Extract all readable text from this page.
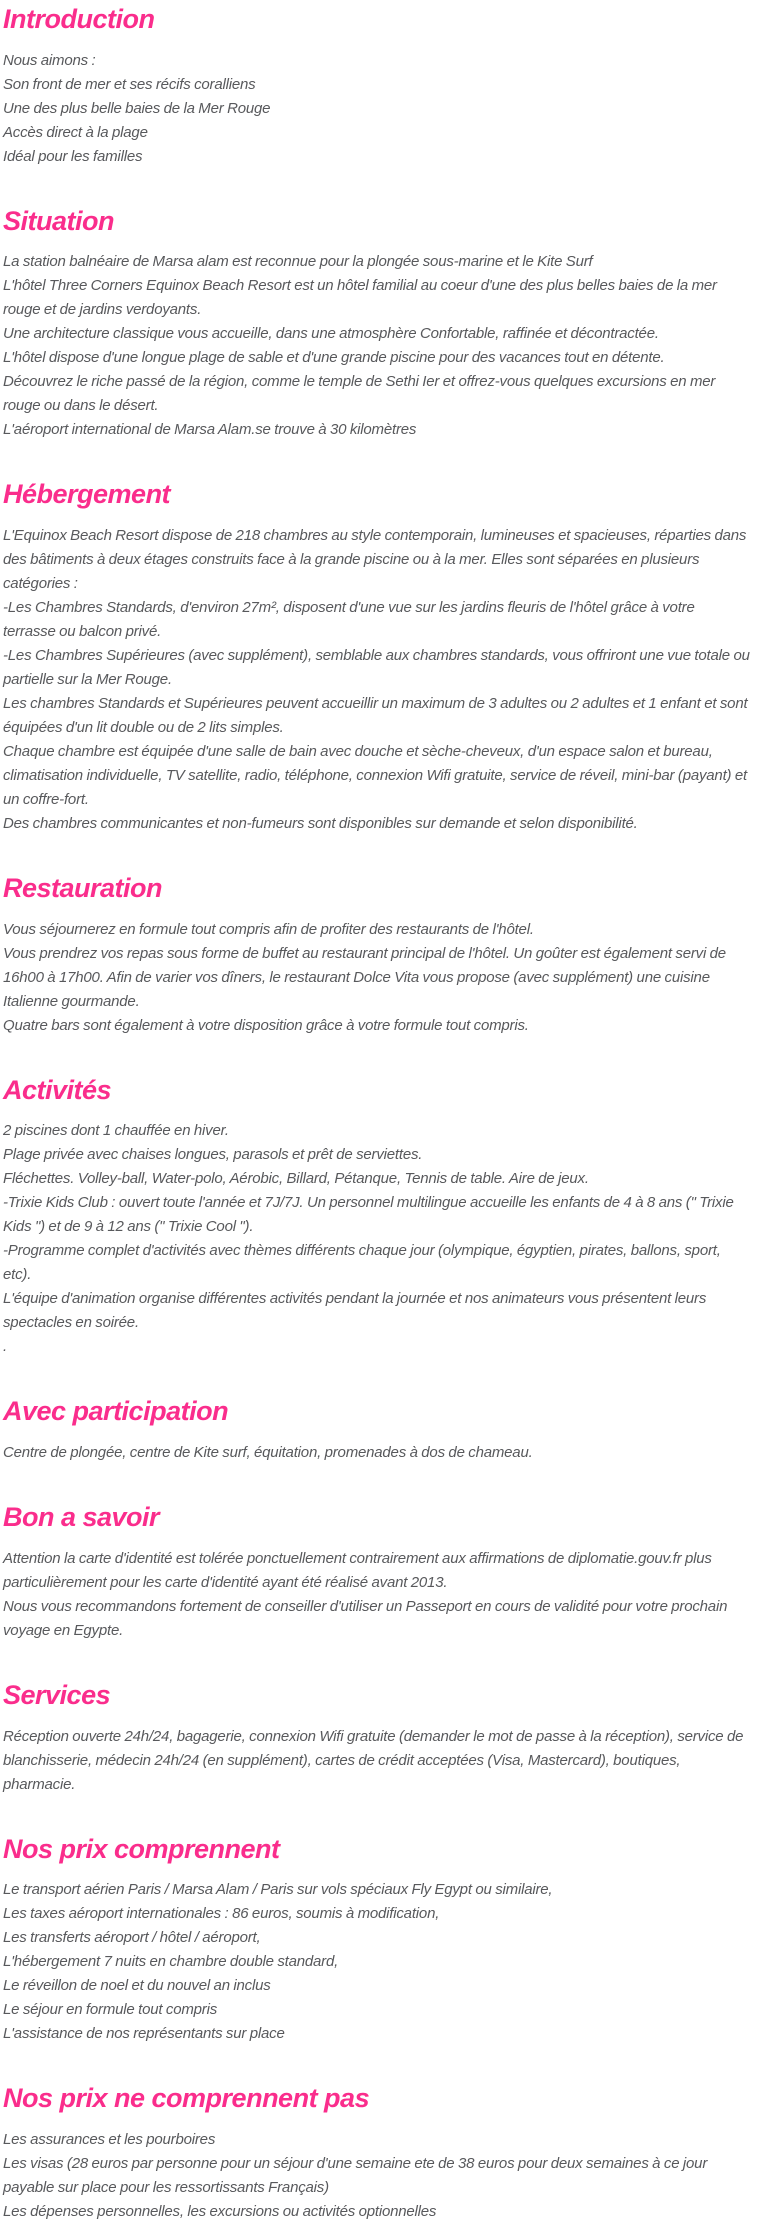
Introduction

Nous aimons :

Son front de mer et ses récifs coralliens

Une des plus belle baies de la Mer Rouge

Accès direct à la plage

Idéal pour les familles

Situation

La station balnéaire de Marsa alam est reconnue pour la plongée sous-marine et le Kite Surf

L'hôtel Three Corners Equinox Beach Resort est un hôtel familial au coeur d'une des plus belles baies de la mer rouge et de jardins verdoyants.

Une architecture classique vous accueille, dans une atmosphère Confortable, raffinée et décontractée.

L'hôtel dispose d'une longue plage de sable et d'une grande piscine pour des vacances tout en détente.

Découvrez le riche passé de la région, comme le temple de Sethi Ier et offrez-vous quelques excursions en mer rouge ou dans le désert.

L'aéroport international de Marsa Alam.se trouve à 30 kilomètres

Hébergement

L'Equinox Beach Resort dispose de 218 chambres au style contemporain, lumineuses et spacieuses, réparties dans des bâtiments à deux étages construits face à la grande piscine ou à la mer. Elles sont séparées en plusieurs catégories :

-Les Chambres Standards, d'environ 27m², disposent d'une vue sur les jardins fleuris de l'hôtel grâce à votre terrasse ou balcon privé.

-Les Chambres Supérieures (avec supplément), semblable aux chambres standards, vous offriront une vue totale ou partielle sur la Mer Rouge.

Les chambres Standards et Supérieures peuvent accueillir un maximum de 3 adultes ou 2 adultes et 1 enfant et sont équipées d'un lit double ou de 2 lits simples.

Chaque chambre est équipée d'une salle de bain avec douche et sèche-cheveux, d'un espace salon et bureau, climatisation individuelle, TV satellite, radio, téléphone, connexion Wifi gratuite, service de réveil, mini-bar (payant) et un coffre-fort.

Des chambres communicantes et non-fumeurs sont disponibles sur demande et selon disponibilité.

Restauration

Vous séjournerez en formule tout compris afin de profiter des restaurants de l'hôtel.

Vous prendrez vos repas sous forme de buffet au restaurant principal de l'hôtel. Un goûter est également servi de 16h00 à 17h00. Afin de varier vos dîners, le restaurant Dolce Vita vous propose (avec supplément) une cuisine Italienne gourmande.

Quatre bars sont également à votre disposition grâce à votre formule tout compris.

Activités

2 piscines dont 1 chauffée en hiver.

Plage privée avec chaises longues, parasols et prêt de serviettes.

Fléchettes. Volley-ball, Water-polo, Aérobic, Billard, Pétanque, Tennis de table. Aire de jeux.

-Trixie Kids Club : ouvert toute l'année et 7J/7J. Un personnel multilingue accueille les enfants de 4 à 8 ans (" Trixie Kids ") et de 9 à 12 ans (" Trixie Cool ").

-Programme complet d'activités avec thèmes différents chaque jour (olympique, égyptien, pirates, ballons, sport, etc).

L'équipe d'animation organise différentes activités pendant la journée et nos animateurs vous présentent leurs spectacles en soirée.

.

Avec participation

Centre de plongée, centre de Kite surf, équitation, promenades à dos de chameau.

Bon a savoir

Attention la carte d'identité est tolérée ponctuellement contrairement aux affirmations de diplomatie.gouv.fr plus particulièrement pour les carte d'identité ayant été réalisé avant 2013.

Nous vous recommandons fortement de conseiller d'utiliser un Passeport en cours de validité pour votre prochain voyage en Egypte.

Services

Réception ouverte 24h/24, bagagerie, connexion Wifi gratuite (demander le mot de passe à la réception), service de blanchisserie, médecin 24h/24 (en supplément), cartes de crédit acceptées (Visa, Mastercard), boutiques, pharmacie.

Nos prix comprennent

Le transport aérien Paris / Marsa Alam / Paris sur vols spéciaux Fly Egypt ou similaire,

Les taxes aéroport internationales : 86 euros, soumis à modification,

Les transferts aéroport / hôtel / aéroport,

L'hébergement 7 nuits en chambre double standard,

Le réveillon de noel et du nouvel an inclus

Le séjour en formule tout compris

L'assistance de nos représentants sur place

Nos prix ne comprennent pas

Les assurances et les pourboires

Les visas (28 euros par personne pour un séjour d'une semaine ete de 38 euros pour deux semaines à ce jour payable sur place pour les ressortissants Français)

Les dépenses personnelles, les excursions ou activités optionnelles
